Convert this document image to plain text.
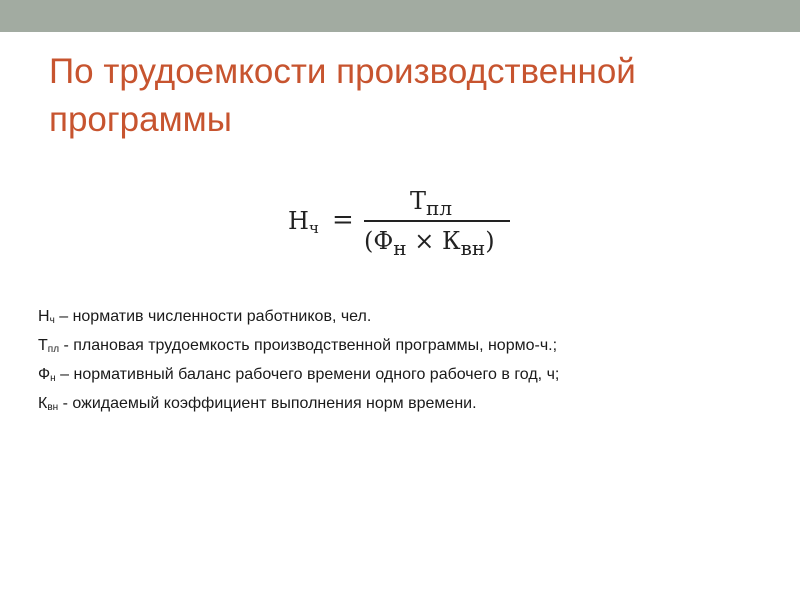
По трудоемкости производственной программы
$Н_ч$ =
$Т_{пл}$
$(Ф_н \times К_{вн})$
$Н_ч$ – норматив численности работников, чел.
$Т_{пл}$ - плановая трудоемкость производственной программы, нормо-ч.;
$Ф_н$ – нормативный баланс рабочего времени одного рабочего в год, ч;
$К_{вн}$ - ожидаемый коэффициент выполнения норм времени.
